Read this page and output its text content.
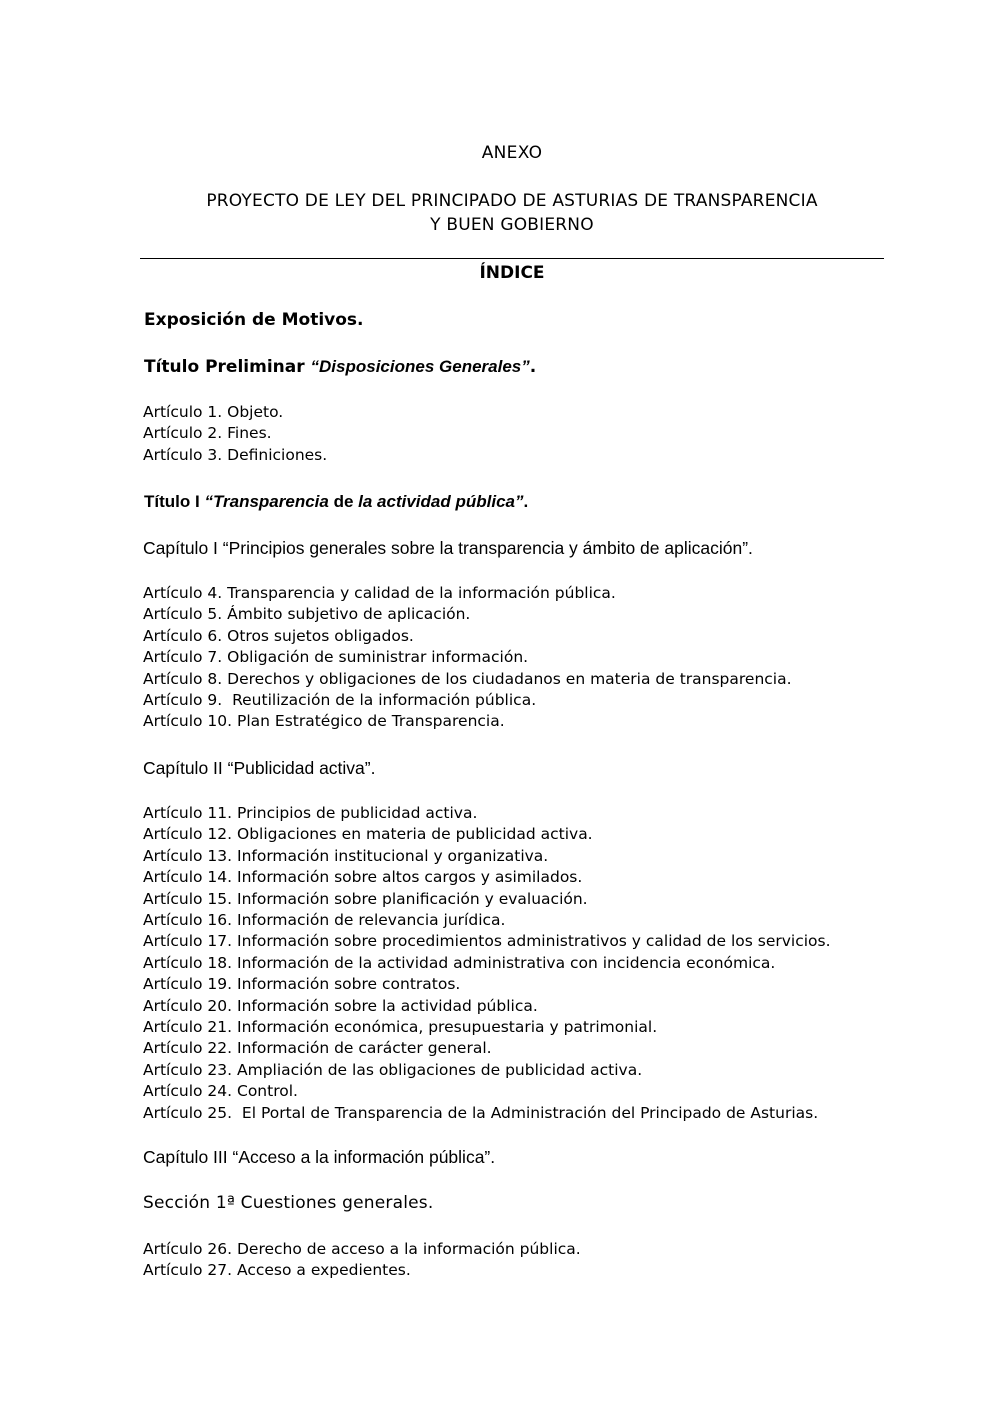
ANEXO
PROYECTO DE LEY DEL PRINCIPADO DE ASTURIAS DE TRANSPARENCIA
Y BUEN GOBIERNO
ÍNDICE
Exposición de Motivos.
Título Preliminar “Disposiciones Generales”.
Artículo 1. Objeto.
Artículo 2. Fines.
Artículo 3. Definiciones.
Título I “Transparencia de la actividad pública”.
Capítulo I “Principios generales sobre la transparencia y ámbito de aplicación”.
Artículo 4. Transparencia y calidad de la información pública.
Artículo 5. Ámbito subjetivo de aplicación.
Artículo 6. Otros sujetos obligados.
Artículo 7. Obligación de suministrar información.
Artículo 8. Derechos y obligaciones de los ciudadanos en materia de transparencia.
Artículo 9.  Reutilización de la información pública.
Artículo 10. Plan Estratégico de Transparencia.
Capítulo II “Publicidad activa”.
Artículo 11. Principios de publicidad activa.
Artículo 12. Obligaciones en materia de publicidad activa.
Artículo 13. Información institucional y organizativa.
Artículo 14. Información sobre altos cargos y asimilados.
Artículo 15. Información sobre planificación y evaluación.
Artículo 16. Información de relevancia jurídica.
Artículo 17. Información sobre procedimientos administrativos y calidad de los servicios.
Artículo 18. Información de la actividad administrativa con incidencia económica.
Artículo 19. Información sobre contratos.
Artículo 20. Información sobre la actividad pública.
Artículo 21. Información económica, presupuestaria y patrimonial.
Artículo 22. Información de carácter general.
Artículo 23. Ampliación de las obligaciones de publicidad activa.
Artículo 24. Control.
Artículo 25.  El Portal de Transparencia de la Administración del Principado de Asturias.
Capítulo III “Acceso a la información pública”.
Sección 1ª Cuestiones generales.
Artículo 26. Derecho de acceso a la información pública.
Artículo 27. Acceso a expedientes.
